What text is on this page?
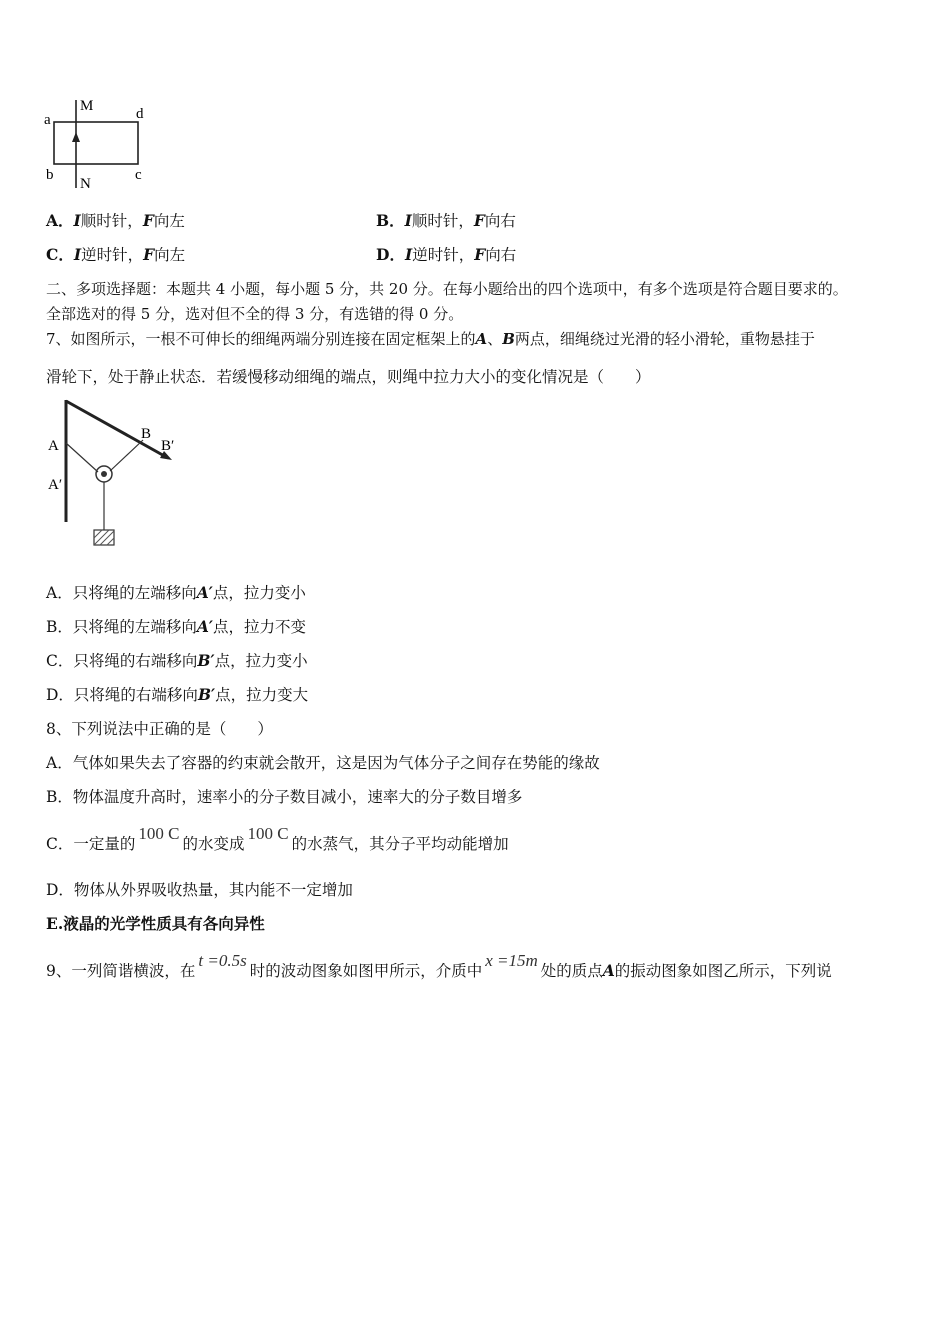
a
b	c
d
M
N
A．I顺时针，F向左	B．I顺时针，F向右
C．I逆时针，F向左	D．I逆时针，F向右
二、多项选择题：本题共 4 小题，每小题 5 分，共 20 分。在每小题给出的四个选项中，有多个选项是符合题目要求的。
全部选对的得 5 分，选对但不全的得 3 分，有选错的得 0 分。
7、如图所示，一根不可伸长的细绳两端分别连接在固定框架上的A、B两点，细绳绕过光滑的轻小滑轮，重物悬挂于
滑轮下，处于静止状态．若缓慢移动细绳的端点，则绳中拉力大小的变化情况是（　　）
A
A′
B
B′
A．只将绳的左端移向A′点，拉力变小
B．只将绳的左端移向A′点，拉力不变
C．只将绳的右端移向B′点，拉力变小
D．只将绳的右端移向B′点，拉力变大
8、下列说法中正确的是（　　）
A．气体如果失去了容器的约束就会散开，这是因为气体分子之间存在势能的缘故
B．物体温度升高时，速率小的分子数目减小，速率大的分子数目增多
C．一定量的100 C的水变成100 C的水蒸气，其分子平均动能增加
D．物体从外界吸收热量，其内能不一定增加
E.液晶的光学性质具有各向异性
9、一列简谐横波，在t =0.5s时的波动图象如图甲所示，介质中x =15m处的质点A的振动图象如图乙所示，下列说
